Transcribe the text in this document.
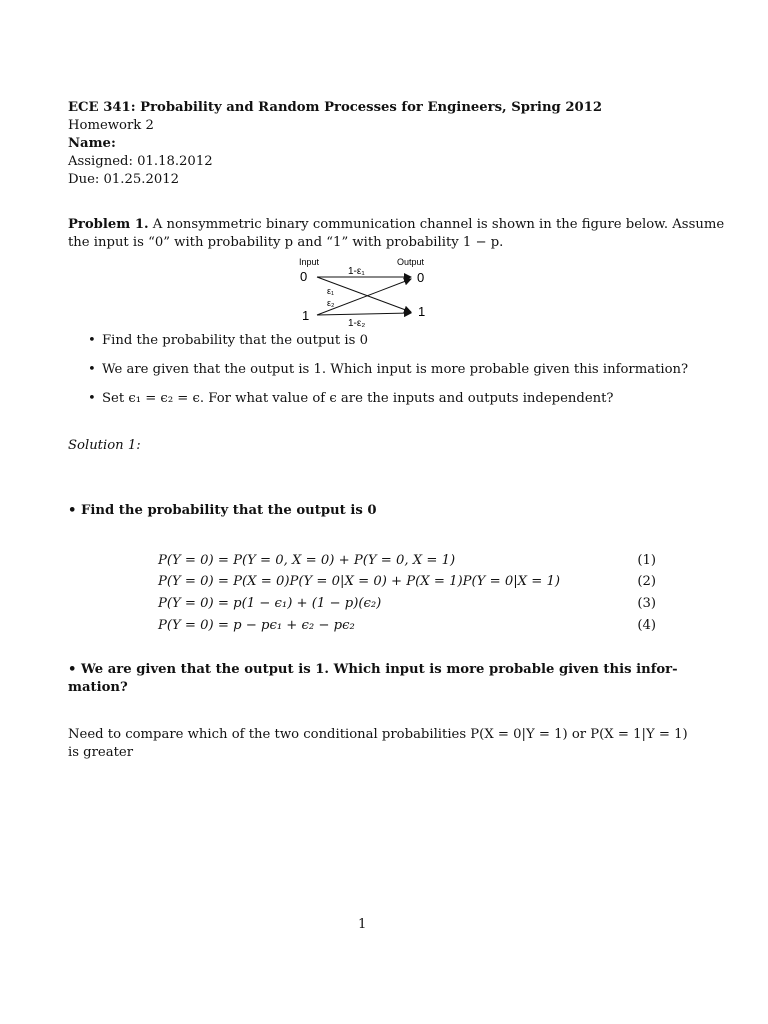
ECE 341: Probability and Random Processes for Engineers, Spring 2012
Homework 2
Name:
Assigned: 01.18.2012
Due: 01.25.2012
Problem 1. A nonsymmetric binary communication channel is shown in the figure below. Assume
the input is “0” with probability p and “1” with probability 1 − p.
Input	Output
0
1
0
1
1-ε₁
ε₁
ε₂
1-ε₂
• Find the probability that the output is 0
• We are given that the output is 1. Which input is more probable given this information?
• Set ϵ₁ = ϵ₂ = ϵ. For what value of ϵ are the inputs and outputs independent?
Solution 1:
• Find the probability that the output is 0
P(Y = 0) = P(Y = 0, X = 0) + P(Y = 0, X = 1)	(1)
P(Y = 0) = P(X = 0)P(Y = 0|X = 0) + P(X = 1)P(Y = 0|X = 1)	(2)
P(Y = 0) = p(1 − ϵ₁) + (1 − p)(ϵ₂)	(3)
P(Y = 0) = p − pϵ₁ + ϵ₂ − pϵ₂	(4)
• We are given that the output is 1. Which input is more probable given this infor-
mation?
Need to compare which of the two conditional probabilities P(X = 0|Y = 1) or P(X = 1|Y = 1)
is greater
1
